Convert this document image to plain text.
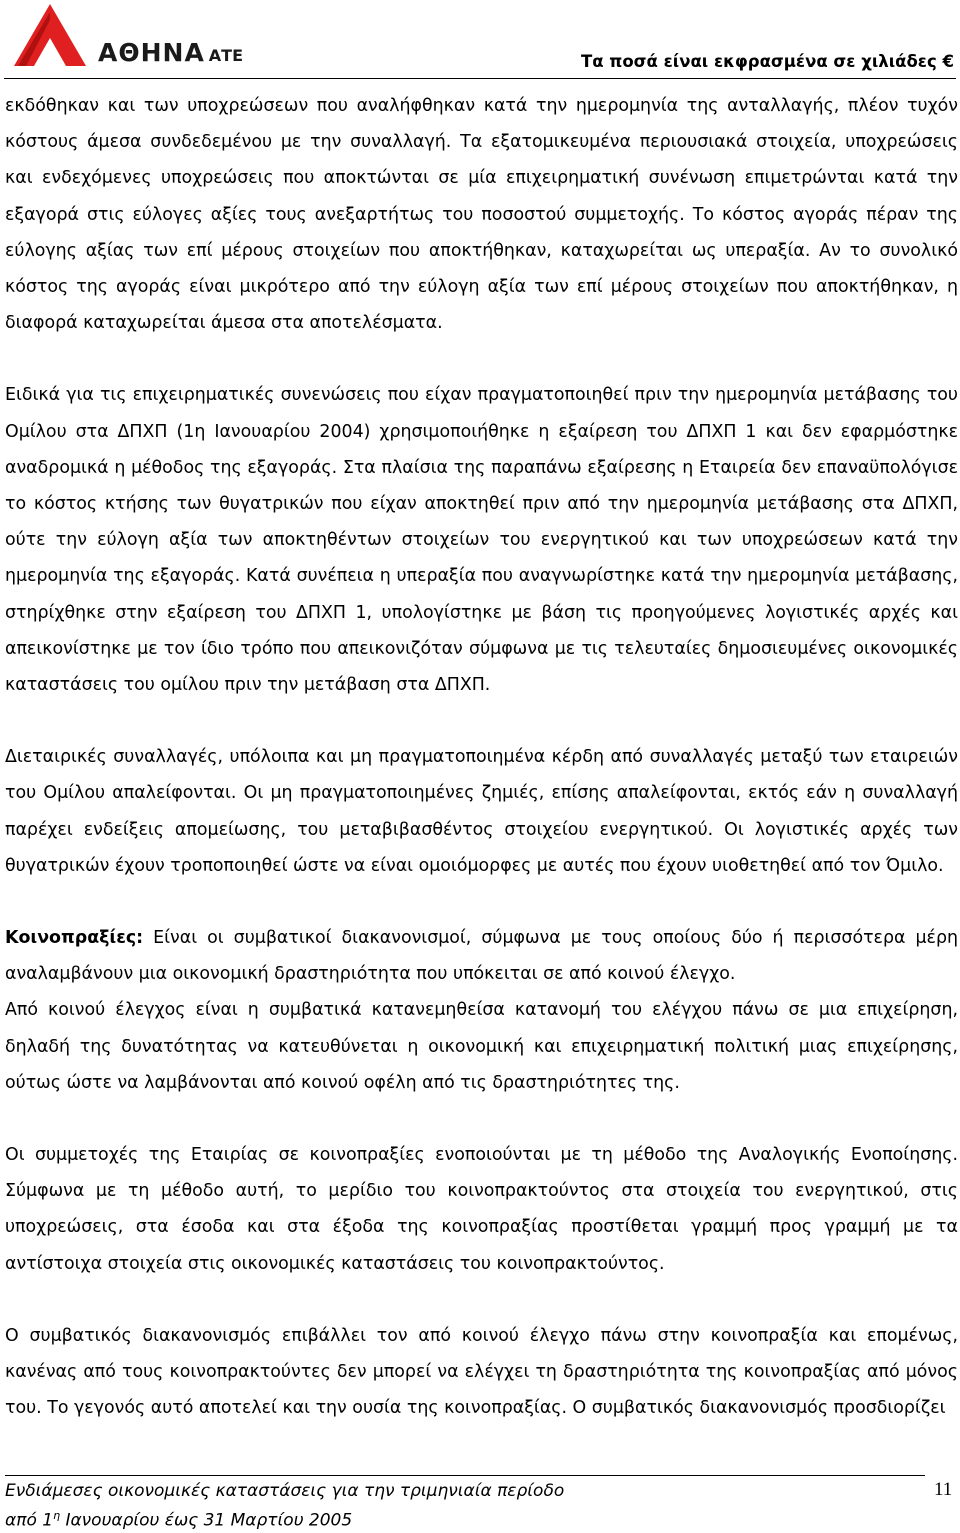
ΑΘΗΝΑ ΑΤΕ	Τα ποσά είναι εκφρασμένα σε χιλιάδες €

εκδόθηκαν και των υποχρεώσεων που αναλήφθηκαν κατά την ημερομηνία της ανταλλαγής, πλέον τυχόν κόστους άμεσα συνδεδεμένου με την συναλλαγή. Τα εξατομικευμένα περιουσιακά στοιχεία, υποχρεώσεις και ενδεχόμενες υποχρεώσεις που αποκτώνται σε μία επιχειρηματική συνένωση επιμετρώνται κατά την εξαγορά στις εύλογες αξίες τους ανεξαρτήτως του ποσοστού συμμετοχής. Το κόστος αγοράς πέραν της εύλογης αξίας των επί μέρους στοιχείων που αποκτήθηκαν, καταχωρείται ως υπεραξία. Αν το συνολικό κόστος της αγοράς είναι μικρότερο από την εύλογη αξία των επί μέρους στοιχείων που αποκτήθηκαν, η διαφορά καταχωρείται άμεσα στα αποτελέσματα.

Ειδικά για τις επιχειρηματικές συνενώσεις που είχαν πραγματοποιηθεί πριν την ημερομηνία μετάβασης του Ομίλου στα ΔΠΧΠ (1η Ιανουαρίου 2004) χρησιμοποιήθηκε η εξαίρεση του ΔΠΧΠ 1 και δεν εφαρμόστηκε αναδρομικά η μέθοδος της εξαγοράς. Στα πλαίσια της παραπάνω εξαίρεσης η Εταιρεία δεν επαναϋπολόγισε το κόστος κτήσης των θυγατρικών που είχαν αποκτηθεί πριν από την ημερομηνία μετάβασης στα ΔΠΧΠ, ούτε την εύλογη αξία των αποκτηθέντων στοιχείων του ενεργητικού και των υποχρεώσεων κατά την ημερομηνία της εξαγοράς. Κατά συνέπεια η υπεραξία που αναγνωρίστηκε κατά την ημερομηνία μετάβασης, στηρίχθηκε στην εξαίρεση του ΔΠΧΠ 1, υπολογίστηκε με βάση τις προηγούμενες λογιστικές αρχές και απεικονίστηκε με τον ίδιο τρόπο που απεικονιζόταν σύμφωνα με τις τελευταίες δημοσιευμένες οικονομικές καταστάσεις του ομίλου πριν την μετάβαση στα ΔΠΧΠ.

Διεταιρικές συναλλαγές, υπόλοιπα και μη πραγματοποιημένα κέρδη από συναλλαγές μεταξύ των εταιρειών του Ομίλου απαλείφονται. Οι μη πραγματοποιημένες ζημιές, επίσης απαλείφονται, εκτός εάν η συναλλαγή παρέχει ενδείξεις απομείωσης, του μεταβιβασθέντος στοιχείου ενεργητικού. Οι λογιστικές αρχές των θυγατρικών έχουν τροποποιηθεί ώστε να είναι ομοιόμορφες με αυτές που έχουν υιοθετηθεί από τον Όμιλο.

Κοινοπραξίες: Είναι οι συμβατικοί διακανονισμοί, σύμφωνα με τους οποίους δύο ή περισσότερα μέρη αναλαμβάνουν μια οικονομική δραστηριότητα που υπόκειται σε από κοινού έλεγχο.

Από κοινού έλεγχος είναι η συμβατικά κατανεμηθείσα κατανομή του ελέγχου πάνω σε μια επιχείρηση, δηλαδή της δυνατότητας να κατευθύνεται η οικονομική και επιχειρηματική πολιτική μιας επιχείρησης, ούτως ώστε να λαμβάνονται από κοινού οφέλη από τις δραστηριότητες της.

Οι συμμετοχές της Εταιρίας σε κοινοπραξίες ενοποιούνται με τη μέθοδο της Αναλογικής Ενοποίησης. Σύμφωνα με τη μέθοδο αυτή, το μερίδιο του κοινοπρακτούντος στα στοιχεία του ενεργητικού, στις υποχρεώσεις, στα έσοδα και στα έξοδα της κοινοπραξίας προστίθεται γραμμή προς γραμμή με τα αντίστοιχα στοιχεία στις οικονομικές καταστάσεις του κοινοπρακτούντος.

Ο συμβατικός διακανονισμός επιβάλλει τον από κοινού έλεγχο πάνω στην κοινοπραξία και επομένως, κανένας από τους κοινοπρακτούντες δεν μπορεί να ελέγχει τη δραστηριότητα της κοινοπραξίας από μόνος του. Το γεγονός αυτό αποτελεί και την ουσία της κοινοπραξίας. Ο συμβατικός διακανονισμός προσδιορίζει

Ενδιάμεσες οικονομικές καταστάσεις για την τριμηνιαία περίοδο
από $1^\eta$ Ιανουαρίου έως 31 Μαρτίου 2005
11
